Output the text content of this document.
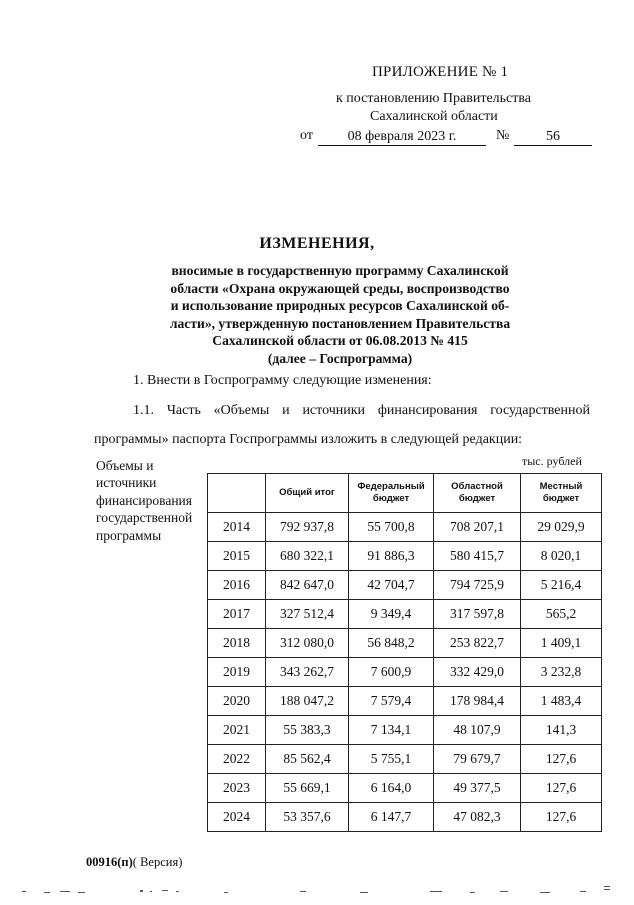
ПРИЛОЖЕНИЕ № 1
к постановлению Правительства
Сахалинской области
от	08 февраля 2023 г.	№	56
ИЗМЕНЕНИЯ,
вносимые в государственную программу Сахалинской
области «Охрана окружающей среды, воспроизводство
и использование природных ресурсов Сахалинской об-
ласти», утвержденную постановлением Правительства
Сахалинской области от 06.08.2013 № 415
(далее – Госпрограмма)
1. Внести в Госпрограмму следующие изменения:
1.1. Часть «Объемы и источники финансирования государственной программы» паспорта Госпрограммы изложить в следующей редакции:
Объемы и
источники
финансирования
государственной
программы
тыс. рублей
	Общий итог	Федеральный бюджет	Областной бюджет	Местный бюджет
2014	792 937,8	55 700,8	708 207,1	29 029,9
2015	680 322,1	91 886,3	580 415,7	8 020,1
2016	842 647,0	42 704,7	794 725,9	5 216,4
2017	327 512,4	9 349,4	317 597,8	565,2
2018	312 080,0	56 848,2	253 822,7	1 409,1
2019	343 262,7	7 600,9	332 429,0	3 232,8
2020	188 047,2	7 579,4	178 984,4	1 483,4
2021	55 383,3	7 134,1	48 107,9	141,3
2022	85 562,4	5 755,1	79 679,7	127,6
2023	55 669,1	6 164,0	49 377,5	127,6
2024	53 357,6	6 147,7	47 082,3	127,6
00916(п)( Версия)
